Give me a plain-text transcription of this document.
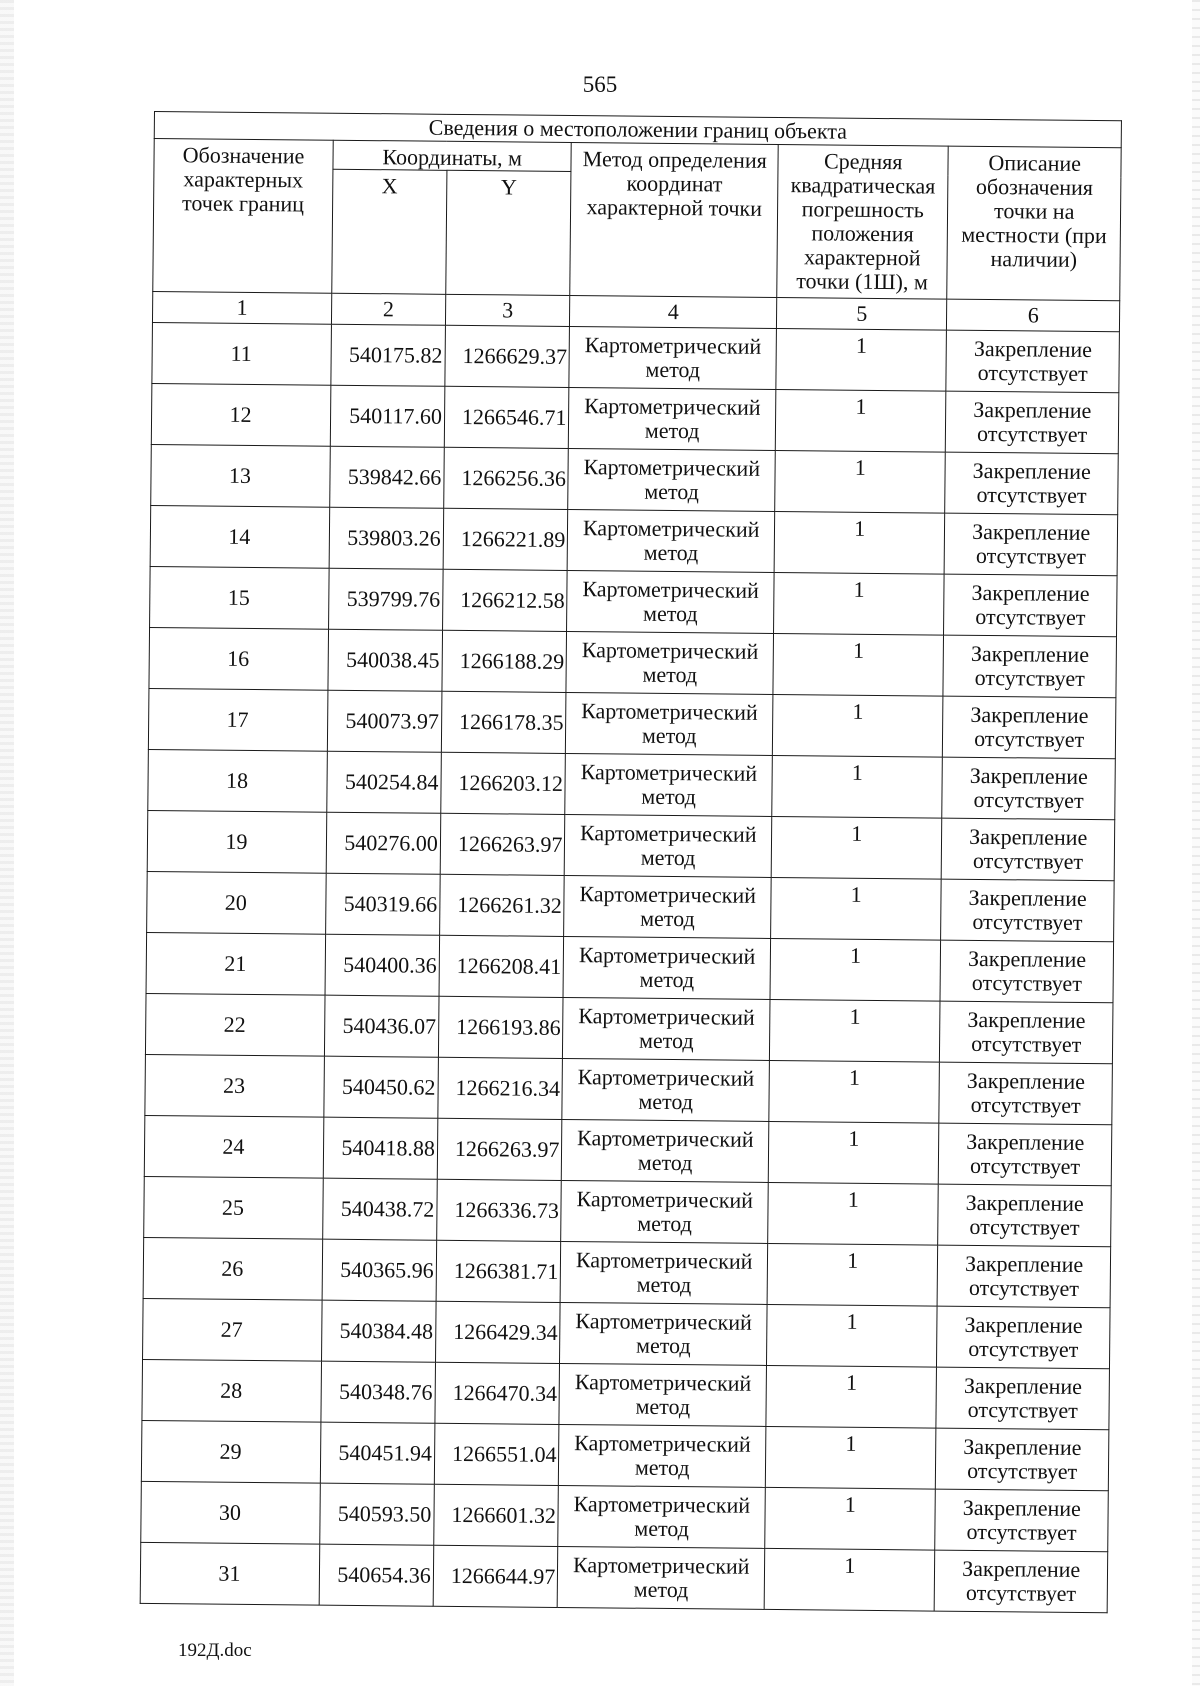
565
Сведения о местоположении границ объекта					
Обозначение характерных точек границ	Координаты, м		Метод определения координат характерной точки	Средняя квадратическая погрешность положения характерной точки (1Ш), м	Описание обозначения точки на местности (при наличии)
	X	Y			
1	2	3	4	5	6
11	540175.82	1266629.37	Картометрический метод	1	Закрепление отсутствует
12	540117.60	1266546.71	Картометрический метод	1	Закрепление отсутствует
13	539842.66	1266256.36	Картометрический метод	1	Закрепление отсутствует
14	539803.26	1266221.89	Картометрический метод	1	Закрепление отсутствует
15	539799.76	1266212.58	Картометрический метод	1	Закрепление отсутствует
16	540038.45	1266188.29	Картометрический метод	1	Закрепление отсутствует
17	540073.97	1266178.35	Картометрический метод	1	Закрепление отсутствует
18	540254.84	1266203.12	Картометрический метод	1	Закрепление отсутствует
19	540276.00	1266263.97	Картометрический метод	1	Закрепление отсутствует
20	540319.66	1266261.32	Картометрический метод	1	Закрепление отсутствует
21	540400.36	1266208.41	Картометрический метод	1	Закрепление отсутствует
22	540436.07	1266193.86	Картометрический метод	1	Закрепление отсутствует
23	540450.62	1266216.34	Картометрический метод	1	Закрепление отсутствует
24	540418.88	1266263.97	Картометрический метод	1	Закрепление отсутствует
25	540438.72	1266336.73	Картометрический метод	1	Закрепление отсутствует
26	540365.96	1266381.71	Картометрический метод	1	Закрепление отсутствует
27	540384.48	1266429.34	Картометрический метод	1	Закрепление отсутствует
28	540348.76	1266470.34	Картометрический метод	1	Закрепление отсутствует
29	540451.94	1266551.04	Картометрический метод	1	Закрепление отсутствует
30	540593.50	1266601.32	Картометрический метод	1	Закрепление отсутствует
31	540654.36	1266644.97	Картометрический метод	1	Закрепление отсутствует
192Д.doc
